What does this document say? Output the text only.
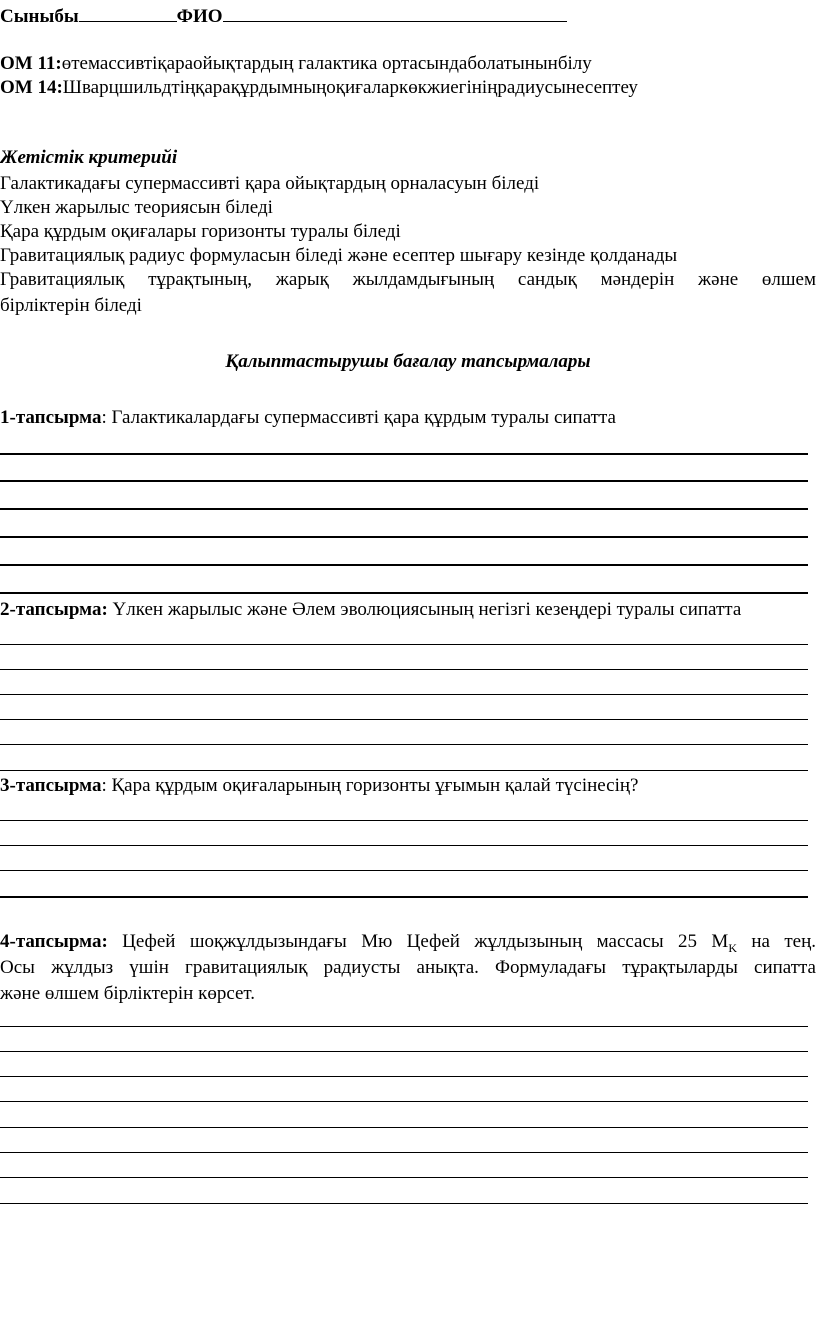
Сыныбы	ФИО
ОМ 11:өтемассивтіқараойықтардың галактика ортасындаболатынынбілу
ОМ 14:Шварцшильдтіңқарақұрдымныңоқиғаларкөкжиегініңрадиусынесептеу
Жетістік критерийі
Галактикадағы супермассивті қара ойықтардың орналасуын біледі
Үлкен жарылыс теориясын біледі
Қара құрдым оқиғалары горизонты туралы біледі
Гравитациялық радиус формуласын біледі және есептер шығару кезінде қолданады
Гравитациялық тұрақтының, жарық жылдамдығының сандық мәндерін және өлшем
бірліктерін біледі
Қалыптастырушы бағалау тапсырмалары
1-тапсырма: Галактикалардағы супермассивті қара құрдым туралы сипатта
2-тапсырма: Үлкен жарылыс және Әлем эволюциясының негізгі кезеңдері туралы сипатта
3-тапсырма: Қара құрдым оқиғаларының горизонты ұғымын қалай түсінесің?
4-тапсырма: Цефей шоқжұлдызындағы Мю Цефей жұлдызының массасы 25 $M_K$ на тең.
Осы жұлдыз үшін гравитациялық радиусты анықта. Формуладағы тұрақтыларды сипатта
және өлшем бірліктерін көрсет.
